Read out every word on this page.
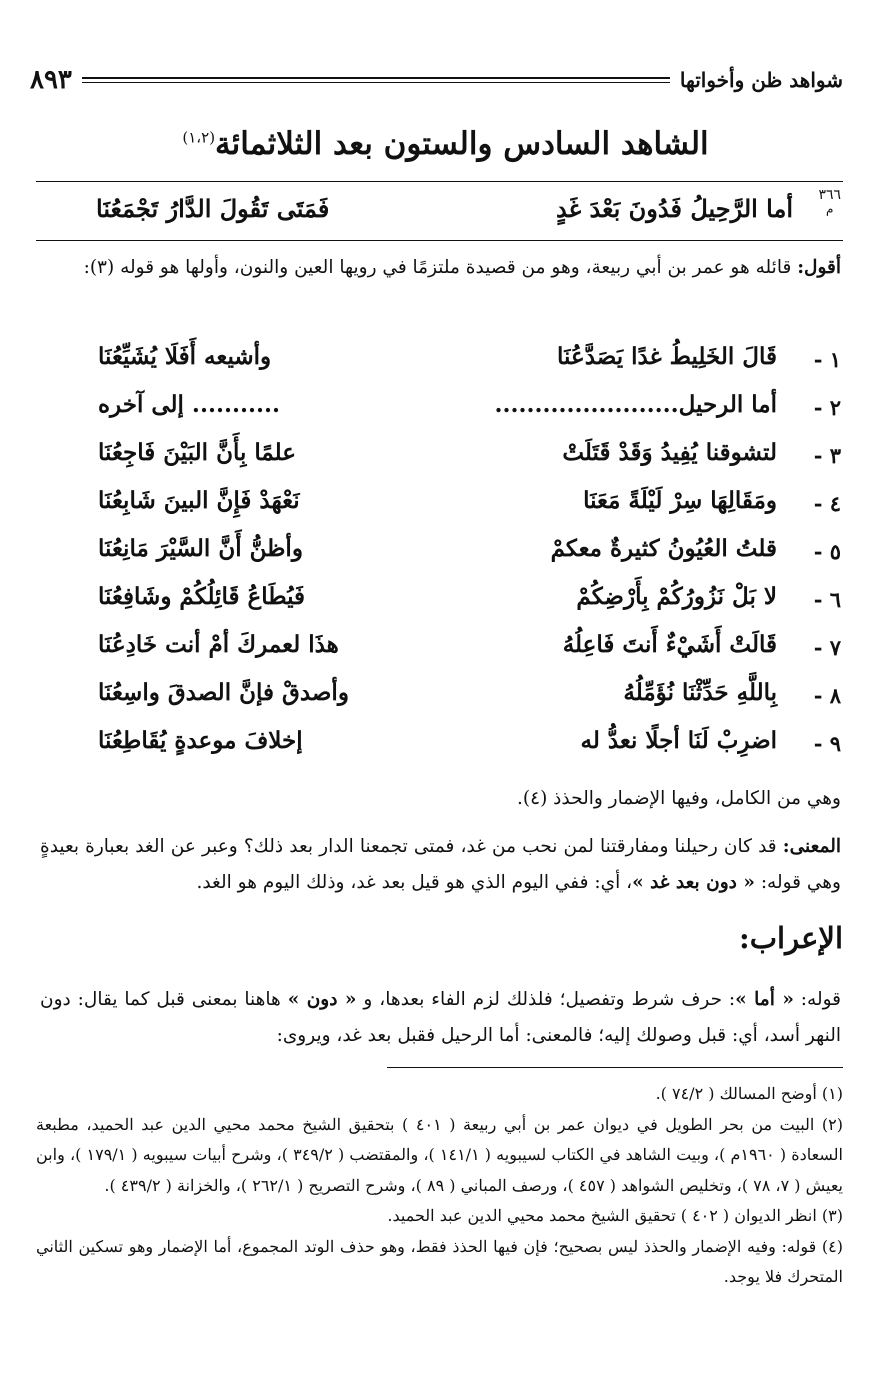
شواهد ظن وأخواتها
٨٩٣
الشاهد السادس والستون بعد الثلاثمائة$^{(١،٢)}$
٣٦٦
م
أما الرَّحِيلُ فَدُونَ بَعْدَ غَدٍ
فَمَتَى تَقُولَ الدَّارُ تَجْمَعُنَا
أقول: قائله هو عمر بن أبي ربيعة، وهو من قصيدة ملتزمًا في رويها العين والنون، وأولها هو قوله (٣):
١ -
قَالَ الخَلِيطُ غدًا يَصَدَّعُنَا
وأشيعه أَفَلَا يُشَيِّعُنَا
٢ -
أما الرحيل.......................
........... إلى آخره
٣ -
لتشوقنا يُفِيدُ وَقَدْ قَتَلَتْ
علمًا بِأَنَّ البَيْنَ فَاجِعُنَا
٤ -
ومَقَالِهَا سِرْ لَيْلَةً مَعَنَا
نَعْهَدْ فَإِنَّ البينَ شَابِعُنَا
٥ -
قلتُ العُيُونُ كثيرةٌ معكمْ
وأظنُّ أَنَّ السَّيْرَ مَانِعُنَا
٦ -
لا بَلْ نَزُورُكُمْ بِأَرْضِكُمْ
فَيُطَاعُ قَائِلُكُمْ وشَافِعُنَا
٧ -
قَالَتْ أَشَيْءٌ أَنتَ فَاعِلُهُ
هذَا لعمركَ أمْ أنت خَادِعُنَا
٨ -
بِاللَّهِ حَدِّثْنَا نُؤَمِّلُهُ
وأصدقْ فإنَّ الصدقَ واسِعُنَا
٩ -
اضرِبْ لَنَا أجلًا نعدُّ له
إخلافَ موعدةٍ يُقَاطِعُنَا
وهي من الكامل، وفيها الإضمار والحذذ (٤).
المعنى: قد كان رحيلنا ومفارقتنا لمن نحب من غد، فمتى تجمعنا الدار بعد ذلك؟ وعبر عن الغد بعبارة بعيدةٍ وهي قوله: « دون بعد غد »، أي: ففي اليوم الذي هو قيل بعد غد، وذلك اليوم هو الغد.
الإعراب:
قوله: « أما »: حرف شرط وتفصيل؛ فلذلك لزم الفاء بعدها، و « دون » هاهنا بمعنى قبل كما يقال: دون النهر أسد، أي: قبل وصولك إليه؛ فالمعنى: أما الرحيل فقبل بعد غد، ويروى:

(١) أوضح المسالك ( ٧٤/٢ ).

(٢) البيت من بحر الطويل في ديوان عمر بن أبي ربيعة ( ٤٠١ ) بتحقيق الشيخ محمد محيي الدين عبد الحميد، مطبعة السعادة ( ١٩٦٠م )، وبيت الشاهد في الكتاب لسيبويه ( ١٤١/١ )، والمقتضب ( ٣٤٩/٢ )، وشرح أبيات سيبويه ( ١٧٩/١ )، وابن يعيش ( ٧، ٧٨ )، وتخليص الشواهد ( ٤٥٧ )، ورصف المباني ( ٨٩ )، وشرح التصريح ( ٢٦٢/١ )، والخزانة ( ٤٣٩/٢ ).

(٣) انظر الديوان ( ٤٠٢ ) تحقيق الشيخ محمد محيي الدين عبد الحميد.

(٤) قوله: وفيه الإضمار والحذذ ليس بصحيح؛ فإن فيها الحذذ فقط، وهو حذف الوتد المجموع، أما الإضمار وهو تسكين الثاني المتحرك فلا يوجد.
